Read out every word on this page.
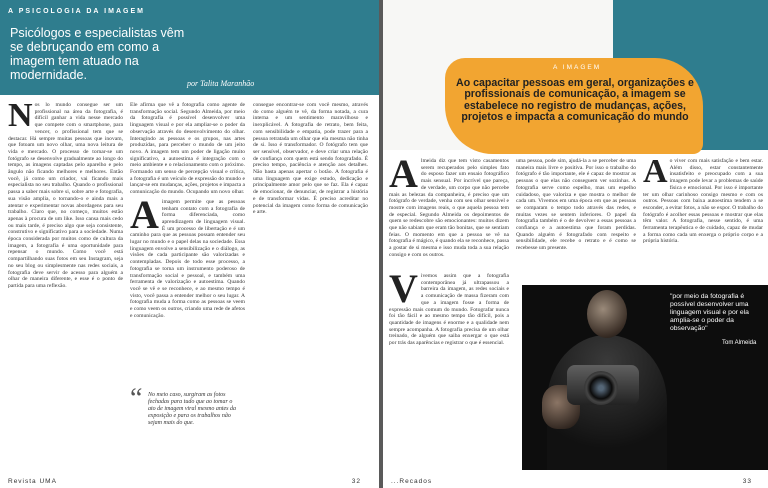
A PSICOLOGIA DA IMAGEM
Psicólogos e especialistas vêm se debruçando em como a imagem tem atuado na modernidade.
por Talita Maranhão
N os lo mundo consegue ser um profissional na área da fotografia, é difícil ganhar a vida nesse mercado que compete com o smartphone, para vencer, o profissional tem que se destacar. Há sempre muitas pessoas que inovam, que fotoam um novo olhar, uma nova leitura de vida e mercado. O processo de tornar-se um fotógrafo se desenvolve gradualmente ao longo do tempo, as imagens captadas pelo aparelho e pelo ângulo não ficando melhores e melhores. Então você, já como um criador, vai ficando mais especialista no seu trabalho. Quando o profissional passa a saber mais sobre si, sobre arte e fotografia, sua visão amplia, o tornando-o e ainda mais a atentar e experimentar novas abordagens para seu trabalho. Claro que, no começo, muitos estão apenas à procura de um like. Isso cansa mais cedo ou mais tarde, é preciso algo que seja consistente, construtivo e significativo para a sociedade. Numa época considerada por muitos como de cultura da imagem, a fotografia é uma oportunidade para repensar o mundo. Como você está compartilhando suas fotos em seu Instagram, seja no seu blog ou simplesmente nas redes sociais, a fotografia deve servir de acesso para alguém a olhar de maneira diferente, e esse é o ponto de partida para uma reflexão.
Ele afirma que vê a fotografia como agente de transformação social. Segundo Almeida, por meio da fotografia é possível desenvolver uma linguagem visual e por ela ampliar-se o poder da observação através do desenvolvimento do olhar. Interagindo as pessoas e os grupos, nas artes produzidas, para perceber o mundo de um jeito novo. A imagem tem um poder de ligação muito significativo, a autoestima é integração com o meio ambiente e o relacionamento com o próximo. Formando um senso de percepção visual e crítica, a fotografia é um veículo de expressão do mundo e lançar-se em mudanças, ações, projetos e impacta a comunicação do mundo. Ocupando um novo olhar.
A imagem permite que as pessoas tenham contato com a fotografia de forma diferenciada, como aprendizagem de linguagem visual. É um processo de libertação e é um caminho para que as pessoas possam entender seu lugar no mundo e o papel delas na sociedade. Essa linguagem envolve a sensibilização e o diálogo, as visões de cada participante são valorizadas e contempladas. Depois de todo esse processo, a fotografia se torna um instrumento poderoso de transformação social e pessoal, e também uma ferramenta de valorização e autoestima. Quando você se vê e se reconhece, e ao mesmo tempo é visto, você passa a entender melhor o seu lugar. A fotografia muda a forma como as pessoas se veem e como veem os outros, criando uma rede de afetos e comunicação.
consegue encontrar-se com você mesmo, através do como alguém te vê, da forma notada, a cura interna e um sentimento maravilhoso e inexplicável. A fotografia de retrato, bem feita, com sensibilidade e empatia, pode trazer para a pessoa retratada um olhar que ela mesma não tinha de si. Isso é transformador. O fotógrafo tem que ser sensível, observador, e deve criar uma relação de confiança com quem está sendo fotografado. É preciso tempo, paciência e atenção aos detalhes. Não basta apenas apertar o botão. A fotografia é uma linguagem que exige estudo, dedicação e principalmente amor pelo que se faz. Ela é capaz de emocionar, de denunciar, de registrar a história e de transformar vidas. É preciso acreditar no potencial da imagem como forma de comunicação e arte.
“ No meio caso, surgiram as fotos fechadas para tudo que ao tomar o ato de imagem viral mesmo antes da exposição e para os trabalhos não sejam mais do que.
Revista UMA	32
A IMAGEM
Ao capacitar pessoas em geral, organizações e profissionais de comunicação, a imagem se estabelece no registro de mudanças, ações, projetos e impacta a comunicação do mundo
A lmeida diz que tem visto casamentos serem recuperados pelo simples fato do esposo fazer um ensaio fotográfico mais sensual. Por incrível que pareça, de verdade, um corpo que não percebe mais as belezas da companheira, é preciso que um fotógrafo de verdade, venha com seu olhar sensível e mostre com imagens reais, o que aquela pessoa tem de especial. Segundo Almeida os depoimentos de quem se redescobre são emocionantes: muitos dizem que não sabiam que eram tão bonitas, que se sentiam feias. O momento em que a pessoa se vê na fotografia é mágico, é quando ela se reconhece, passa a gostar de si mesma e isso muda toda a sua relação consigo e com os outros.
V ivemos assim que a fotografia contemporânea já ultrapassou a barreira da imagem, as redes sociais e a comunicação de massa fizeram com que a imagem fosse a forma de expressão mais comum do mundo. Fotografar nunca foi tão fácil e ao mesmo tempo tão difícil, pois a quantidade de imagens é enorme e a qualidade nem sempre acompanha. A fotografia precisa de um olhar treinado, de alguém que saiba enxergar o que está por trás das aparências e registrar o que é essencial.
uma pessoa, pode sim, ajudá-la a se perceber de uma maneira mais livre e positiva. Por isso o trabalho do fotógrafo é tão importante, ele é capaz de mostrar as pessoas o que elas não conseguem ver sozinhas. A fotografia serve como espelho, mas um espelho cuidadoso, que valoriza e que mostra o melhor de cada um. Vivemos em uma época em que as pessoas se comparam o tempo todo através das redes, e muitas vezes se sentem inferiores. O papel da fotografia também é o de devolver a essas pessoas a confiança e a autoestima que foram perdidas. Quando alguém é fotografado com respeito e sensibilidade, ele recebe o retrato e é como se recebesse um presente.
A o viver com mais satisfação e bem estar. Além disso, estar constantemente insatisfeito e preocupado com a sua imagem pode levar a problemas de saúde física e emocional. Por isso é importante ter um olhar carinhoso consigo mesmo e com os outros. Pessoas com baixa autoestima tendem a se esconder, a evitar fotos, a não se expor. O trabalho do fotógrafo é acolher essas pessoas e mostrar que elas têm valor. A fotografia, nesse sentido, é uma ferramenta terapêutica e de cuidado, capaz de mudar a forma como cada um enxerga o próprio corpo e a própria história.
"por meio da fotografia é possível desenvolver uma linguagem visual e por ela amplia-se o poder da observação"
Tom Almeida
...Recados	33
